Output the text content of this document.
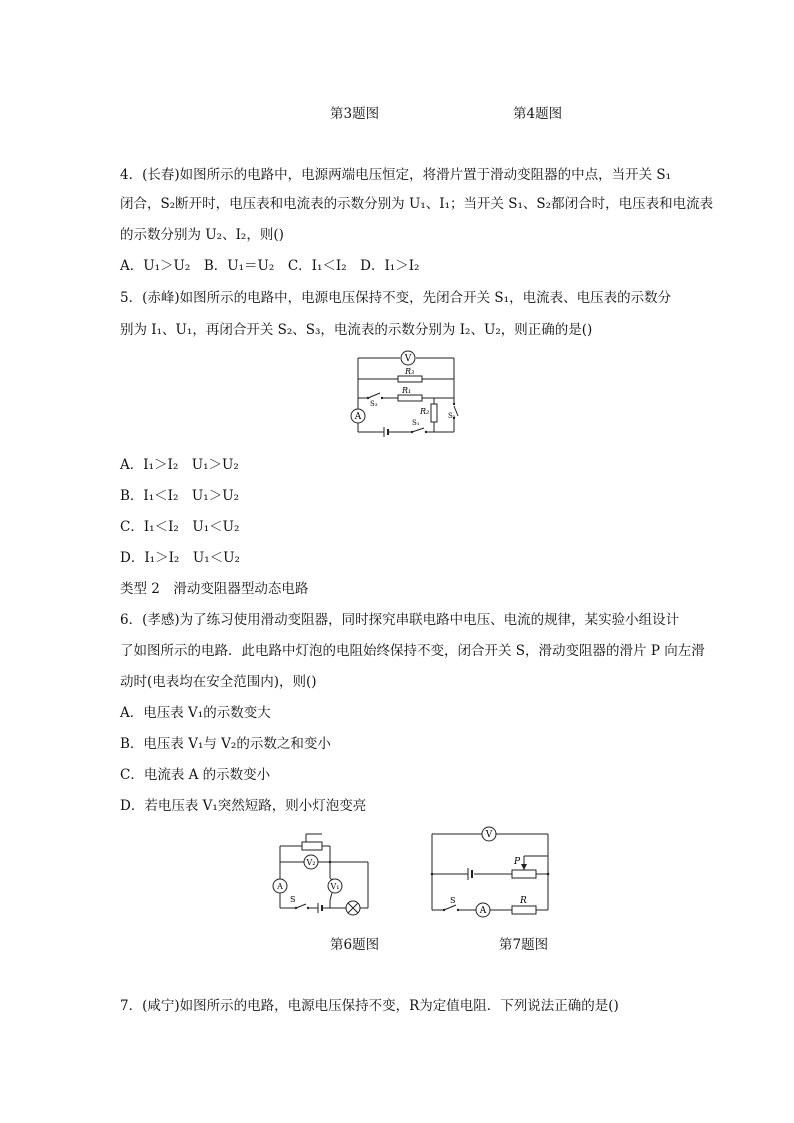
第3题图	第4题图
4．(长春)如图所示的电路中，电源两端电压恒定，将滑片置于滑动变阻器的中点，当开关 S₁
闭合，S₂断开时，电压表和电流表的示数分别为 U₁、I₁；当开关 S₁、S₂都闭合时，电压表和电流表
的示数分别为 U₂、I₂，则()
A．U₁＞U₂　B．U₁＝U₂　C．I₁＜I₂　D．I₁＞I₂
5．(赤峰)如图所示的电路中，电源电压保持不变，先闭合开关 S₁，电流表、电压表的示数分
别为 I₁、U₁，再闭合开关 S₂、S₃，电流表的示数分别为 I₂、U₂，则正确的是()
V
A
R₃
R₁
R₂
S₃
S₂
S₁
A．I₁＞I₂　U₁＞U₂
B．I₁＜I₂　U₁＞U₂
C．I₁＜I₂　U₁＜U₂
D．I₁＞I₂　U₁＜U₂
类型 2　滑动变阻器型动态电路
6．(孝感)为了练习使用滑动变阻器，同时探究串联电路中电压、电流的规律，某实验小组设计
了如图所示的电路．此电路中灯泡的电阻始终保持不变，闭合开关 S，滑动变阻器的滑片 P 向左滑
动时(电表均在安全范围内)，则()
A．电压表 V₁的示数变大
B．电压表 V₁与 V₂的示数之和变小
C．电流表 A 的示数变小
D．若电压表 V₁突然短路，则小灯泡变亮
V₂
V₁
A
S
V
A
P
S	R
第6题图	第7题图
7．(咸宁)如图所示的电路，电源电压保持不变，R为定值电阻．下列说法正确的是()
